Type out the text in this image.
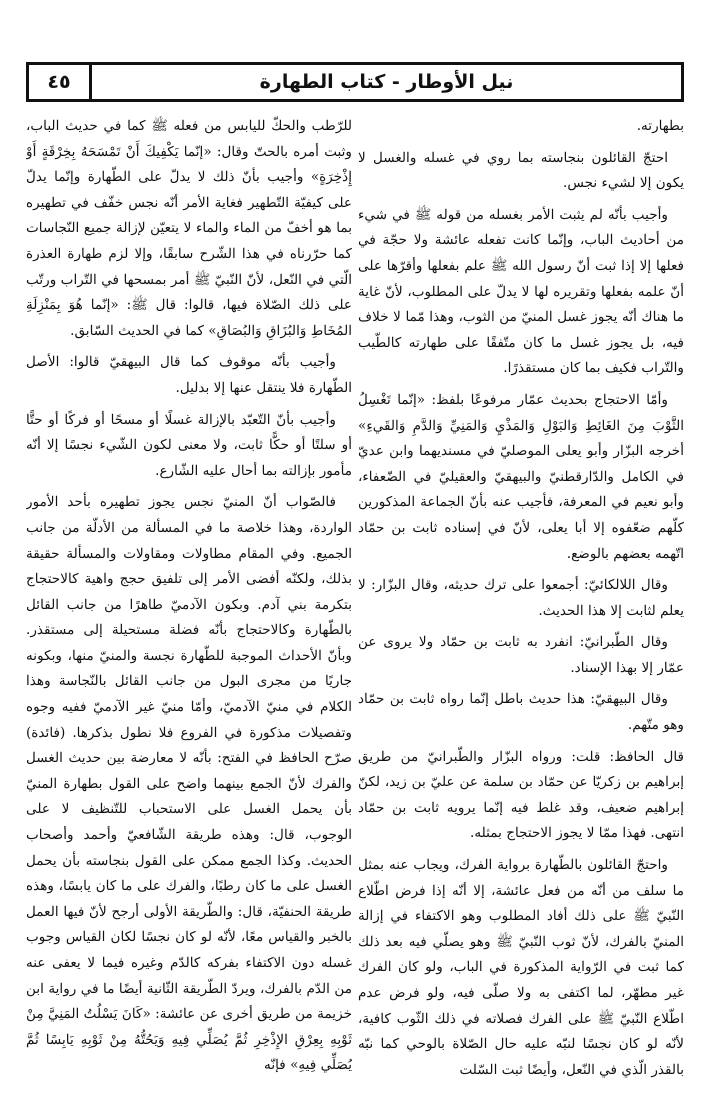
نيل الأوطار - كتاب الطهارة
٤٥

بطهارته.

احتجّ القائلون بنجاسته بما روي في غسله والغسل لا يكون إلا لشيء نجس.

وأجيب بأنّه لم يثبت الأمر بغسله من قوله ﷺ في شيء من أحاديث الباب، وإنّما كانت تفعله عائشة ولا حجّة في فعلها إلا إذا ثبت أنّ رسول الله ﷺ علم بفعلها وأقرّها على أنّ علمه بفعلها وتقريره لها لا يدلّ على المطلوب، لأنّ غاية ما هناك أنّه يجوز غسل المنيّ من الثوب، وهذا مّما لا خلاف فيه، بل يجوز غسل ما كان متّفقًا على طهارته كالطّيب والتّراب فكيف بما كان مستقذرًا.

وأمّا الاحتجاج بحديث عمّار مرفوعًا بلفظ: «إنّما تَغْسِلُ الثَّوْبَ مِنَ الغَائِطِ وَالبَوْلِ وَالمَذْيِ وَالمَنِيِّ وَالدَّمِ وَالقَيءِ» أخرجه البزّار وأبو يعلى الموصليّ في مسنديهما وابن عديّ في الكامل والدّارقطنيّ والبيهقيّ والعقيليّ في الضّعفاء، وأبو نعيم في المعرفة، فأجيب عنه بأنّ الجماعة المذكورين كلّهم ضعّفوه إلا أبا يعلى، لأنّ في إسناده ثابت بن حمّاد اتّهمه بعضهم بالوضع.

وقال اللالكائيّ: أجمعوا على ترك حديثه، وقال البزّار: لا يعلم لثابت إلا هذا الحديث.

وقال الطّبرانيّ: انفرد به ثابت بن حمّاد ولا يروى عن عمّار إلا بهذا الإسناد.

وقال البيهقيّ: هذا حديث باطل إنّما رواه ثابت بن حمّاد وهو متّهم.

قال الحافظ: قلت: ورواه البزّار والطّبرانيّ من طريق إبراهيم بن زكريّا عن حمّاد بن سلمة عن عليّ بن زيد، لكنّ إبراهيم ضعيف، وقد غلط فيه إنّما يرويه ثابت بن حمّاد انتهى. فهذا ممّا لا يجوز الاحتجاج بمثله.

واحتجّ القائلون بالطّهارة برواية الفرك، ويجاب عنه بمثل ما سلف من أنّه من فعل عائشة، إلا أنّه إذا فرض اطّلاع النّبيّ ﷺ على ذلك أفاد المطلوب وهو الاكتفاء في إزالة المنيّ بالفرك، لأنّ ثوب النّبيّ ﷺ وهو يصلّي فيه بعد ذلك كما ثبت في الرّواية المذكورة في الباب، ولو كان الفرك غير مطهّر، لما اكتفى به ولا صلّى فيه، ولو فرض عدم اطّلاع النّبيّ ﷺ على الفرك فصلاته في ذلك الثّوب كافية، لأنّه لو كان نجسًا لنبّه عليه حال الصّلاة بالوحي كما نبّه بالقذر الّذي في النّعل، وأيضًا ثبت السّلت

للرّطب والحكّ لليابس من فعله ﷺ كما في حديث الباب، وثبت أمره بالحتّ وقال: «إنّما يَكْفِيكَ أَنْ تَمْسَحَهُ بِخِرْقَةٍ أَوْ إِذْخِرَةٍ» وأجيب بأنّ ذلك لا يدلّ على الطّهارة وإنّما يدلّ على كيفيّة التّطهير فغاية الأمر أنّه نجس خفّف في تطهيره بما هو أخفّ من الماء والماء لا يتعيّن لإزالة جميع النّجاسات كما حرّرناه في هذا الشّرح سابقًا، وإلا لزم طهارة العذرة الّتي في النّعل، لأنّ النّبيّ ﷺ أمر بمسحها في التّراب ورتّب على ذلك الصّلاة فيها، قالوا: قال ﷺ: «إنّما هُوَ بِمَنْزِلَةِ المُخَاطِ وَالبُزَاقِ وَالبُصَاقِ» كما في الحديث السّابق.

وأجيب بأنّه موقوف كما قال البيهقيّ قالوا: الأصل الطّهارة فلا ينتقل عنها إلا بدليل.

وأجيب بأنّ التّعبّد بالإزالة غسلًا أو مسحًا أو فركًا أو حتًّا أو سلتًا أو حكًّا ثابت، ولا معنى لكون الشّيء نجسًا إلا أنّه مأمور بإزالته بما أحال عليه الشّارع.

فالصّواب أنّ المنيّ نجس يجوز تطهيره بأحد الأمور الواردة، وهذا خلاصة ما في المسألة من الأدلّة من جانب الجميع. وفي المقام مطاولات ومقاولات والمسألة حقيقة بذلك، ولكنّه أفضى الأمر إلى تلفيق حجج واهية كالاحتجاج بتكرمة بني آدم. وبكون الآدميّ طاهرًا من جانب القائل بالطّهارة وكالاحتجاج بأنّه فضلة مستحيلة إلى مستقذر. وبأنّ الأحداث الموجبة للطّهارة نجسة والمنيّ منها، وبكونه جاريًا من مجرى البول من جانب القائل بالنّجاسة وهذا الكلام في منيّ الآدميّ، وأمّا منيّ غير الآدميّ ففيه وجوه وتفصيلات مذكورة في الفروع فلا نطول بذكرها. (فائدة) صرّح الحافظ في الفتح: بأنّه لا معارضة بين حديث الغسل والفرك لأنّ الجمع بينهما واضح على القول بطهارة المنيّ بأن يحمل الغسل على الاستحباب للتّنظيف لا على الوجوب، قال: وهذه طريقة الشّافعيّ وأحمد وأصحاب الحديث. وكذا الجمع ممكن على القول بنجاسته بأن يحمل الغسل على ما كان رطبًا، والفرك على ما كان يابسًا، وهذه طريقة الحنفيّة، قال: والطّريقة الأولى أرجح لأنّ فيها العمل بالخبر والقياس معًا، لأنّه لو كان نجسًا لكان القياس وجوب غسله دون الاكتفاء بفركه كالدّم وغيره فيما لا يعفى عنه من الدّم بالفرك، ويردّ الطّريقة الثّانية أيضًا ما في رواية ابن خزيمة من طريق أخرى عن عائشة: «كَانَ يَسْلُتُ المَنِيَّ مِنْ ثَوْبِهِ بِعِرْقِ الإِذْخِرِ ثُمَّ يُصَلِّي فِيهِ وَيَحُتُّهُ مِنْ ثَوْبِهِ يَابِسًا ثُمَّ يُصَلِّي فِيهِ» فإنّه
